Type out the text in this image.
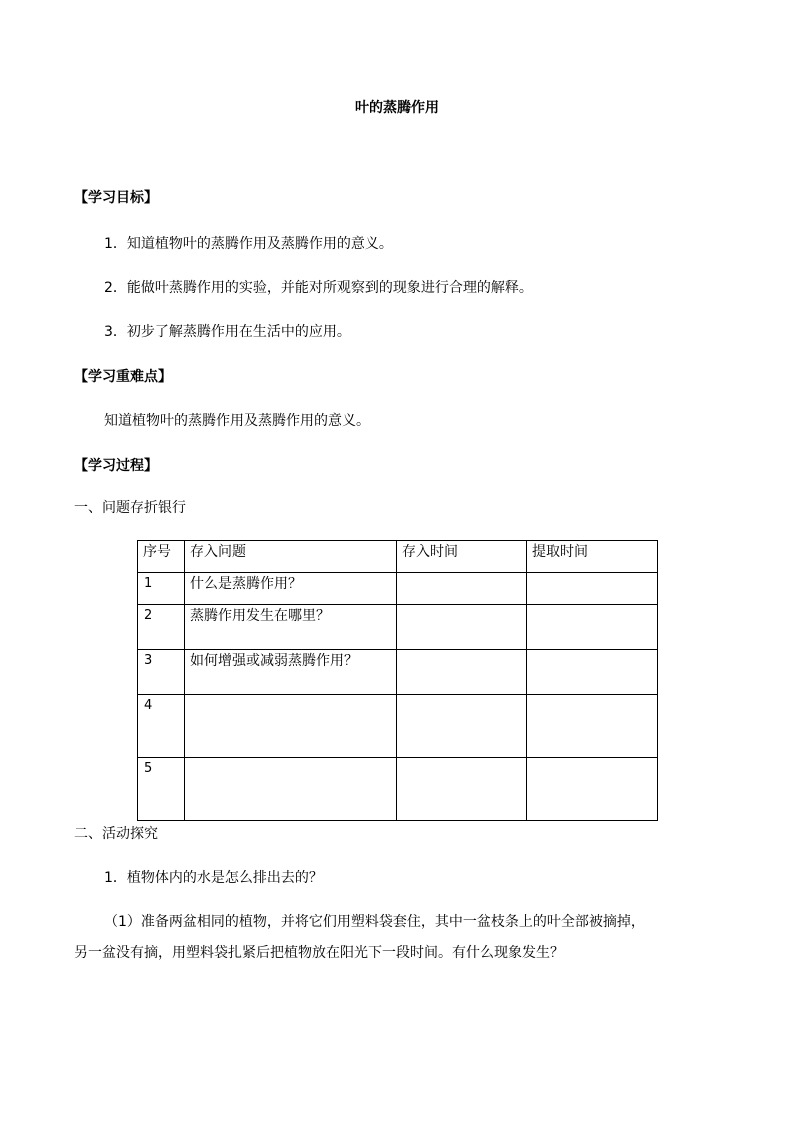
叶的蒸腾作用
【学习目标】
1．知道植物叶的蒸腾作用及蒸腾作用的意义。
2．能做叶蒸腾作用的实验，并能对所观察到的现象进行合理的解释。
3．初步了解蒸腾作用在生活中的应用。
【学习重难点】
知道植物叶的蒸腾作用及蒸腾作用的意义。
【学习过程】
一、问题存折银行
序号	存入问题	存入时间	提取时间
1	什么是蒸腾作用？		
2	蒸腾作用发生在哪里？		
3	如何增强或减弱蒸腾作用？		
4			
5			
二、活动探究
1．植物体内的水是怎么排出去的？
（1）准备两盆相同的植物，并将它们用塑料袋套住，其中一盆枝条上的叶全部被摘掉，
另一盆没有摘，用塑料袋扎紧后把植物放在阳光下一段时间。有什么现象发生？
